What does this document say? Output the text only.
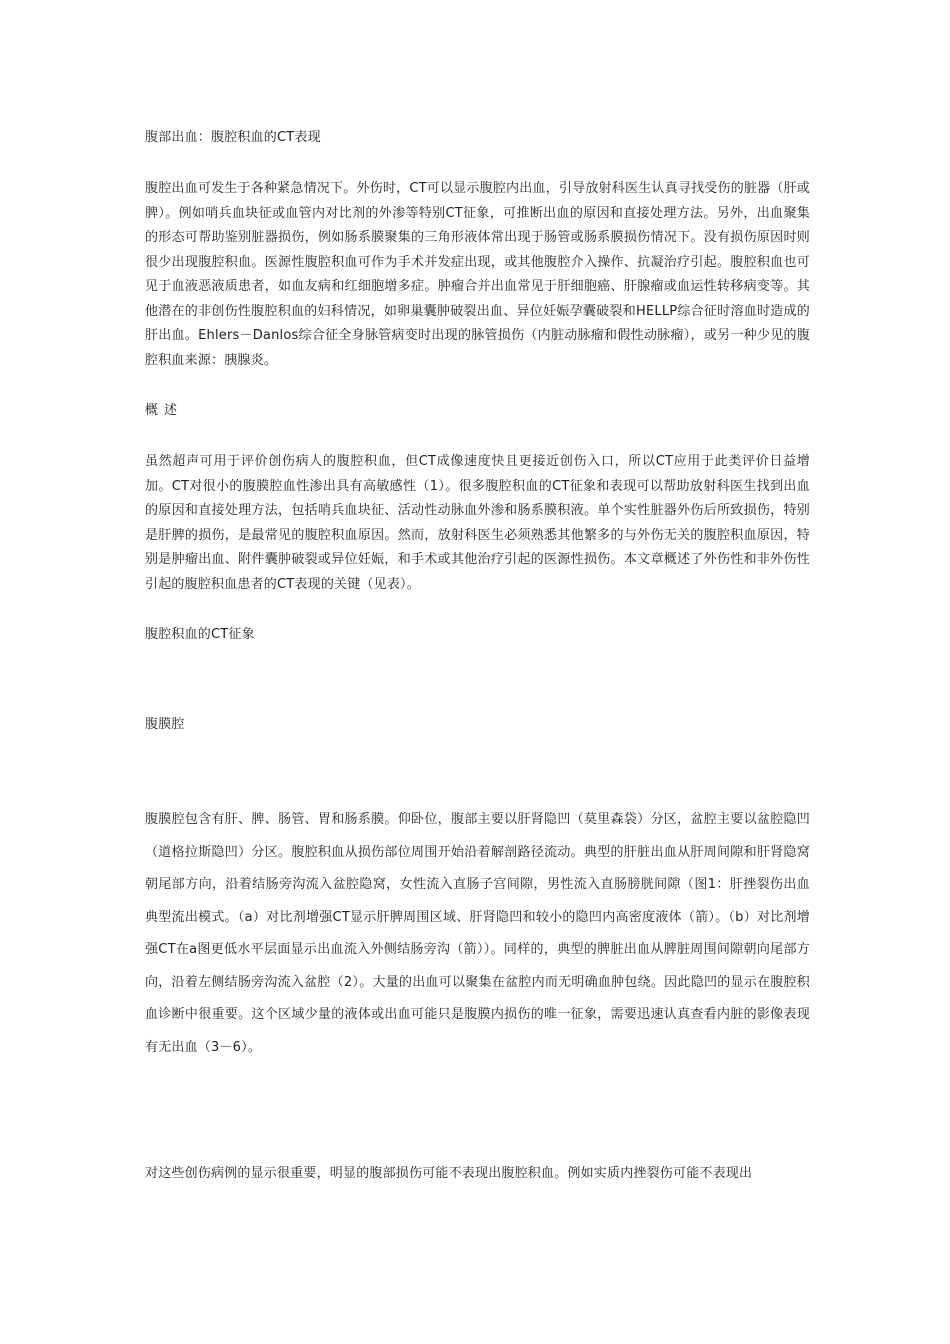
腹部出血：腹腔积血的CT表现

腹腔出血可发生于各种紧急情况下。外伤时，CT可以显示腹腔内出血，引导放射科医生认真寻找受伤的脏器（肝或脾）。例如哨兵血块征或血管内对比剂的外渗等特别CT征象，可推断出血的原因和直接处理方法。另外，出血聚集的形态可帮助鉴别脏器损伤，例如肠系膜聚集的三角形液体常出现于肠管或肠系膜损伤情况下。没有损伤原因时则很少出现腹腔积血。医源性腹腔积血可作为手术并发症出现，或其他腹腔介入操作、抗凝治疗引起。腹腔积血也可见于血液恶液质患者，如血友病和红细胞增多症。肿瘤合并出血常见于肝细胞癌、肝腺瘤或血运性转移病变等。其他潜在的非创伤性腹腔积血的妇科情况，如卵巢囊肿破裂出血、异位妊娠孕囊破裂和HELLP综合征时溶血时造成的肝出血。Ehlers－Danlos综合征全身脉管病变时出现的脉管损伤（内脏动脉瘤和假性动脉瘤），或另一种少见的腹腔积血来源：胰腺炎。

概述

虽然超声可用于评价创伤病人的腹腔积血，但CT成像速度快且更接近创伤入口，所以CT应用于此类评价日益增加。CT对很小的腹膜腔血性渗出具有高敏感性（1）。很多腹腔积血的CT征象和表现可以帮助放射科医生找到出血的原因和直接处理方法，包括哨兵血块征、活动性动脉血外渗和肠系膜积液。单个实性脏器外伤后所致损伤，特别是肝脾的损伤，是最常见的腹腔积血原因。然而，放射科医生必须熟悉其他繁多的与外伤无关的腹腔积血原因，特别是肿瘤出血、附件囊肿破裂或异位妊娠，和手术或其他治疗引起的医源性损伤。本文章概述了外伤性和非外伤性引起的腹腔积血患者的CT表现的关键（见表）。

腹腔积血的CT征象

腹膜腔

腹膜腔包含有肝、脾、肠管、胃和肠系膜。仰卧位，腹部主要以肝肾隐凹（莫里森袋）分区，盆腔主要以盆腔隐凹（道格拉斯隐凹）分区。腹腔积血从损伤部位周围开始沿着解剖路径流动。典型的肝脏出血从肝周间隙和肝肾隐窝朝尾部方向，沿着结肠旁沟流入盆腔隐窝，女性流入直肠子宫间隙，男性流入直肠膀胱间隙（图1：肝挫裂伤出血典型流出模式。（a）对比剂增强CT显示肝脾周围区域、肝肾隐凹和较小的隐凹内高密度液体（箭）。（b）对比剂增强CT在a图更低水平层面显示出血流入外侧结肠旁沟（箭））。同样的，典型的脾脏出血从脾脏周围间隙朝向尾部方向，沿着左侧结肠旁沟流入盆腔（2）。大量的出血可以聚集在盆腔内而无明确血肿包绕。因此隐凹的显示在腹腔积血诊断中很重要。这个区域少量的液体或出血可能只是腹膜内损伤的唯一征象，需要迅速认真查看内脏的影像表现有无出血（3－6）。

对这些创伤病例的显示很重要，明显的腹部损伤可能不表现出腹腔积血。例如实质内挫裂伤可能不表现出
